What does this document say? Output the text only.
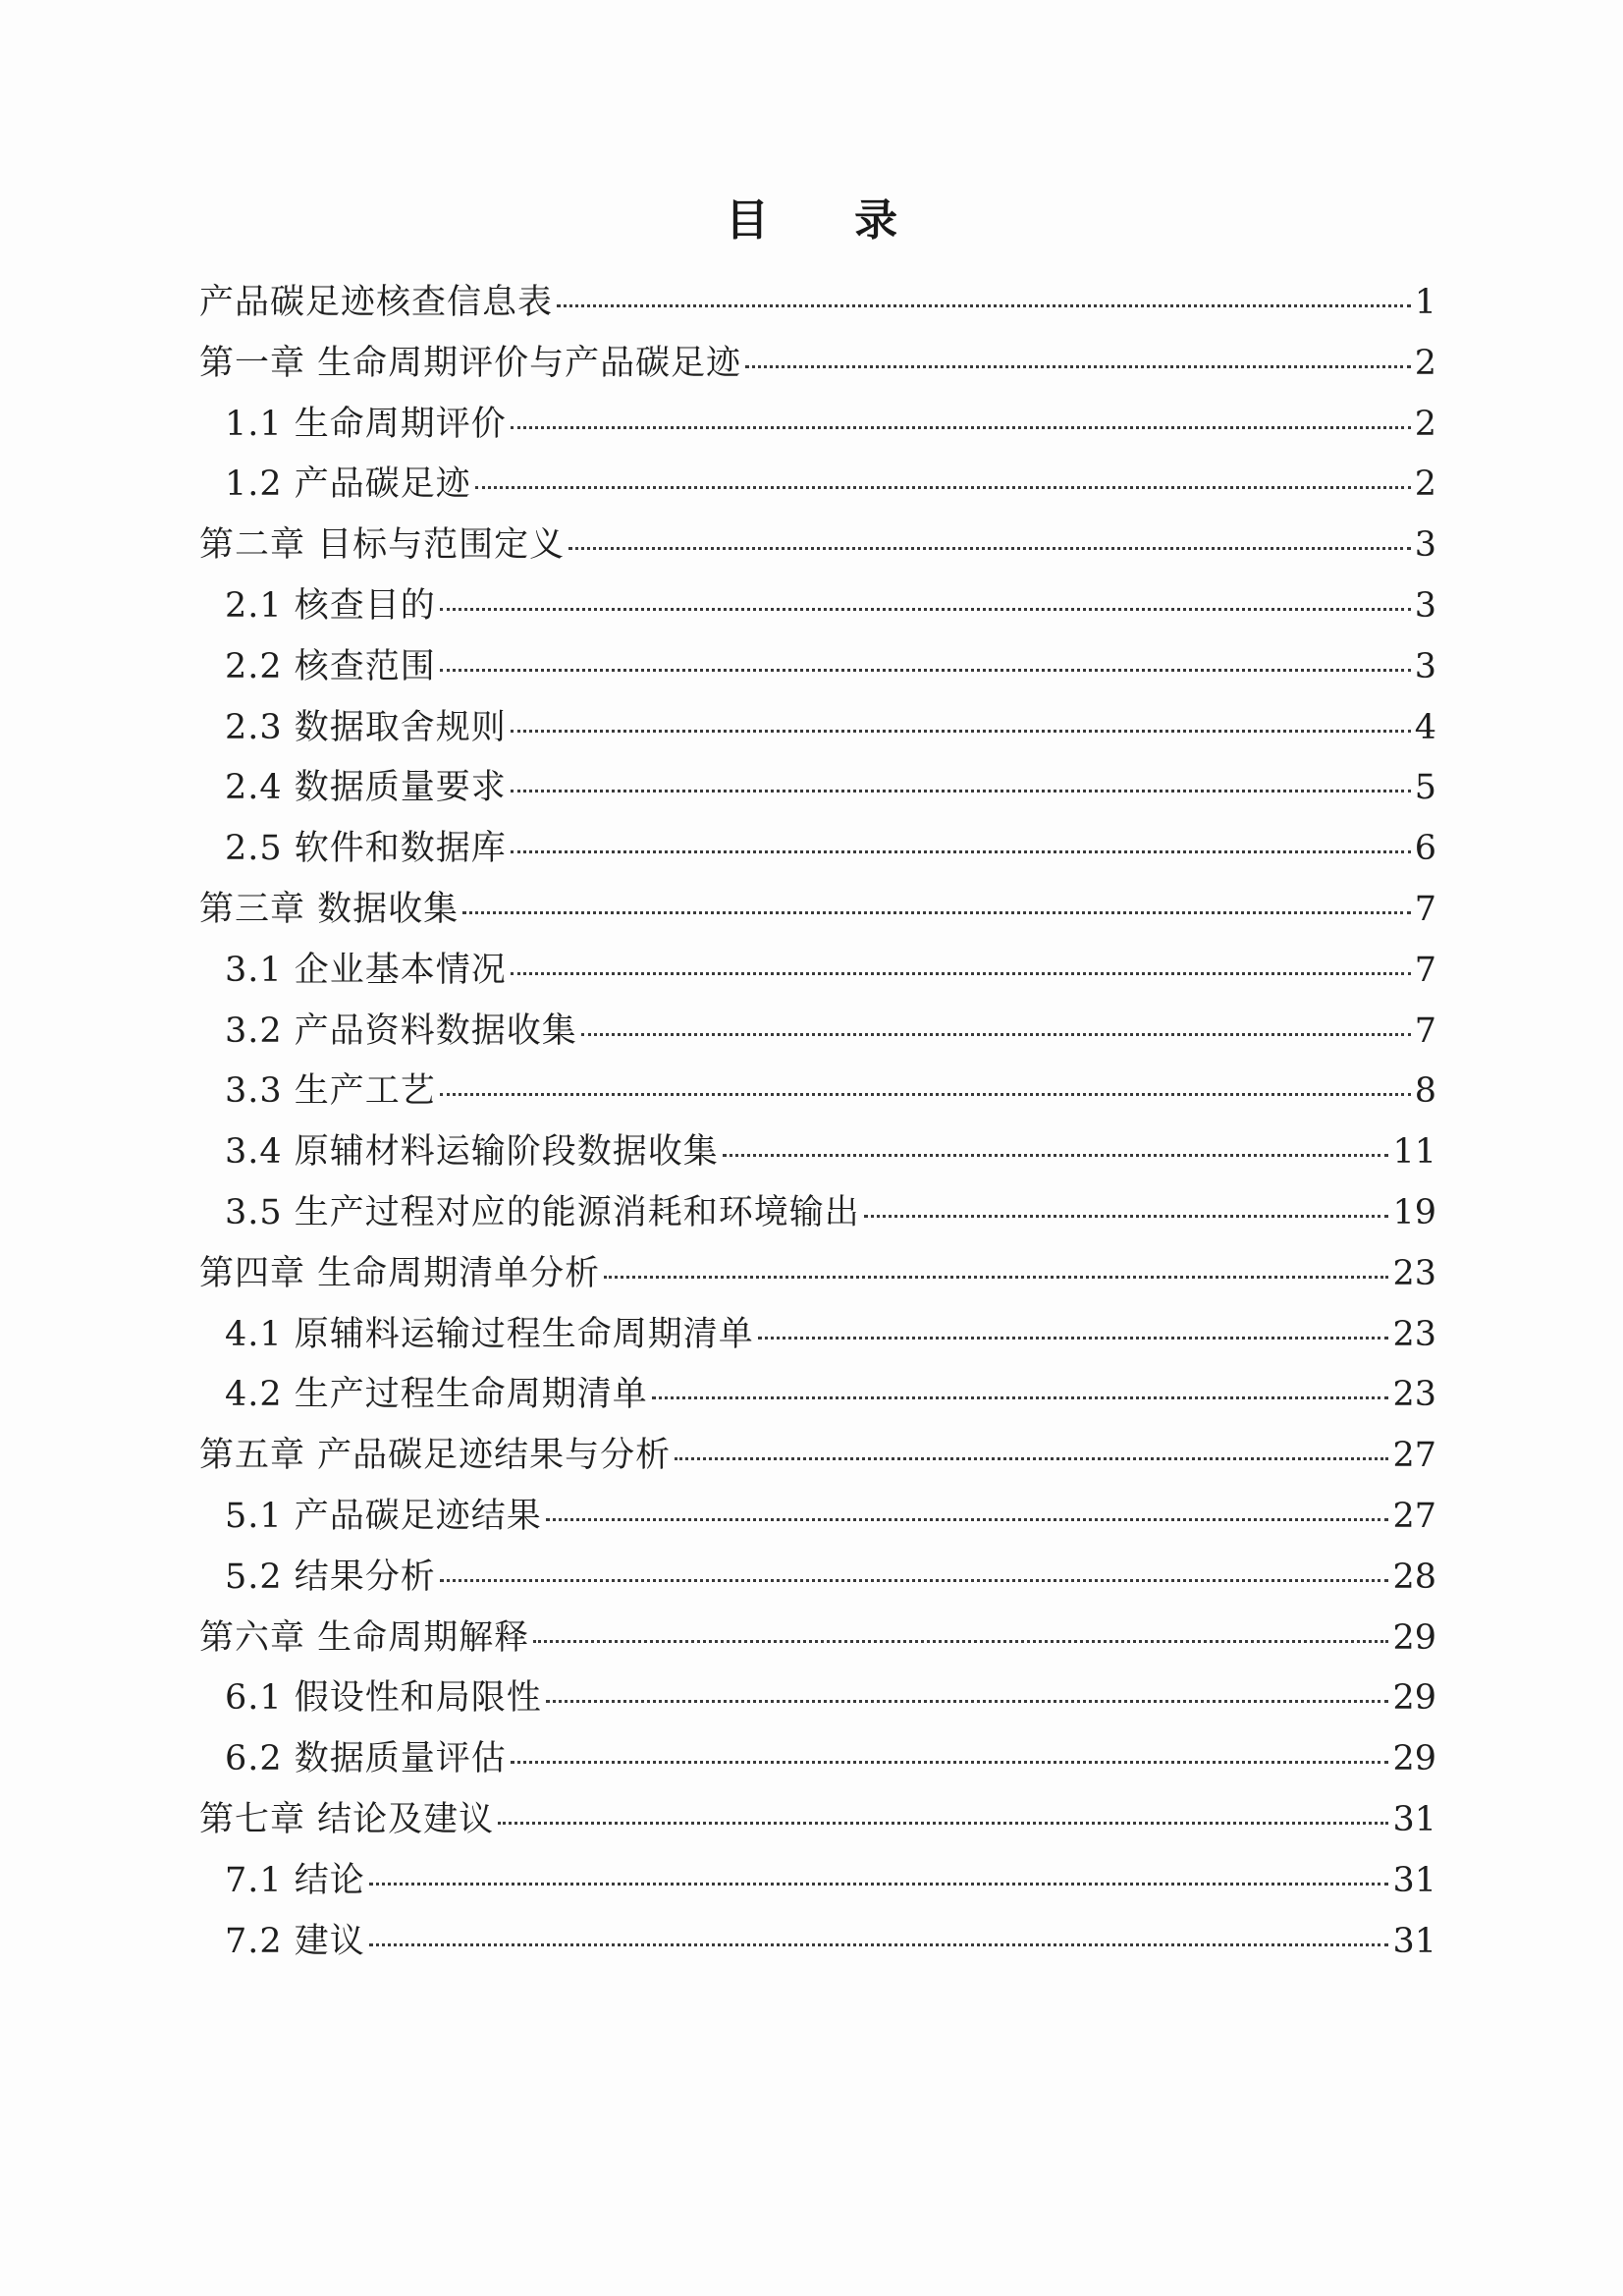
目 录
产品碳足迹核查信息表	1
第一章 生命周期评价与产品碳足迹	2
1.1 生命周期评价	2
1.2 产品碳足迹	2
第二章 目标与范围定义	3
2.1 核查目的	3
2.2 核查范围	3
2.3 数据取舍规则	4
2.4 数据质量要求	5
2.5 软件和数据库	6
第三章 数据收集	7
3.1 企业基本情况	7
3.2 产品资料数据收集	7
3.3 生产工艺	8
3.4 原辅材料运输阶段数据收集	11
3.5 生产过程对应的能源消耗和环境输出	19
第四章 生命周期清单分析	23
4.1 原辅料运输过程生命周期清单	23
4.2 生产过程生命周期清单	23
第五章 产品碳足迹结果与分析	27
5.1 产品碳足迹结果	27
5.2 结果分析	28
第六章 生命周期解释	29
6.1 假设性和局限性	29
6.2 数据质量评估	29
第七章 结论及建议	31
7.1 结论	31
7.2 建议	31
